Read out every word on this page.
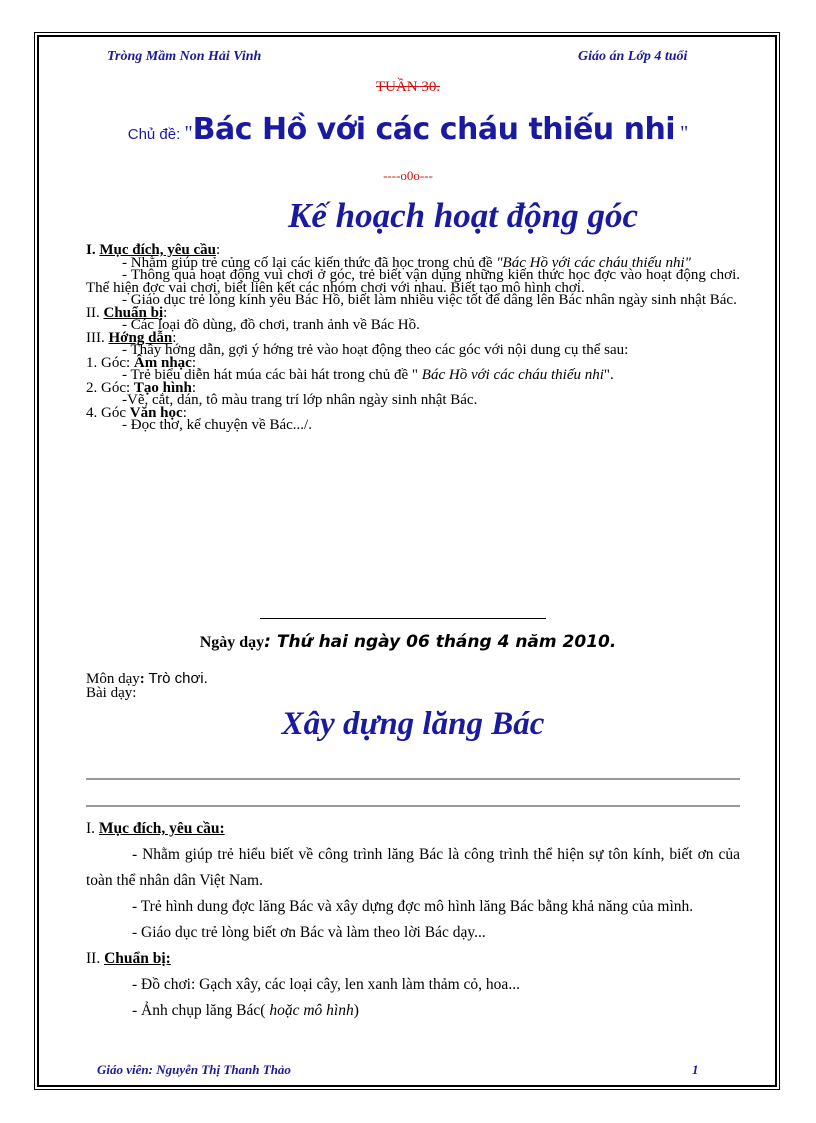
Tròng Mầm Non Hải Vinh	Giáo án Lớp 4 tuổi
TUẦN 30.
Chủ đề: "Bác Hồ với các cháu thiếu nhi "
----o0o---
Kế hoạch hoạt động góc
I. Mục đích, yêu cầu:
- Nhằm giúp trẻ củng cố lại các kiến thức đã học trong chủ đề "Bác Hồ với các cháu thiếu nhi"
- Thông qua hoạt động vui chơi ở góc, trẻ biết vận dụng những kiến thức học đợc vào hoạt động chơi. Thể hiện đợc vai chơi, biết liên kết các nhóm chơi với nhau. Biết tạo mô hình chơi.
- Giáo dục trẻ lòng kính yêu Bác Hồ, biết làm nhiều việc tốt để dâng lên Bác nhân ngày sinh nhật Bác.
II. Chuẩn bị:
- Các loại đồ dùng, đồ chơi, tranh ảnh về Bác Hồ.
III. Hớng dẫn:
- Thầy hớng dẫn, gợi ý hớng trẻ vào hoạt động theo các góc với nội dung cụ thể sau:
1. Góc: Âm nhạc:
- Trẻ biểu diễn hát múa các bài hát trong chủ đề " Bác Hồ với các cháu thiếu nhi".
2. Góc: Tạo hình:
-Vẽ, cắt, dán, tô màu trang trí lớp nhân ngày sinh nhật Bác.
4. Góc Văn học:
- Đọc thơ, kể chuyện về Bác.../.
Ngày dạy: Thứ hai ngày 06 tháng 4 năm 2010.
Môn dạy: Trò chơi.
Bài dạy:
Xây dựng lăng Bác
I. Mục đích, yêu cầu:
- Nhằm giúp trẻ hiểu biết về công trình lăng Bác là công trình thể hiện sự tôn kính, biết ơn của toàn thể nhân dân Việt Nam.
- Trẻ hình dung đợc lăng Bác và xây dựng đợc mô hình lăng Bác bằng khả năng của mình.
- Giáo dục trẻ lòng biết ơn Bác và làm theo lời Bác dạy...
II. Chuẩn bị:
- Đồ chơi: Gạch xây, các loại cây, len xanh làm thảm cỏ, hoa...
- Ảnh chụp lăng Bác( hoặc mô hình)
Giáo viên: Nguyễn Thị Thanh Thảo	1
